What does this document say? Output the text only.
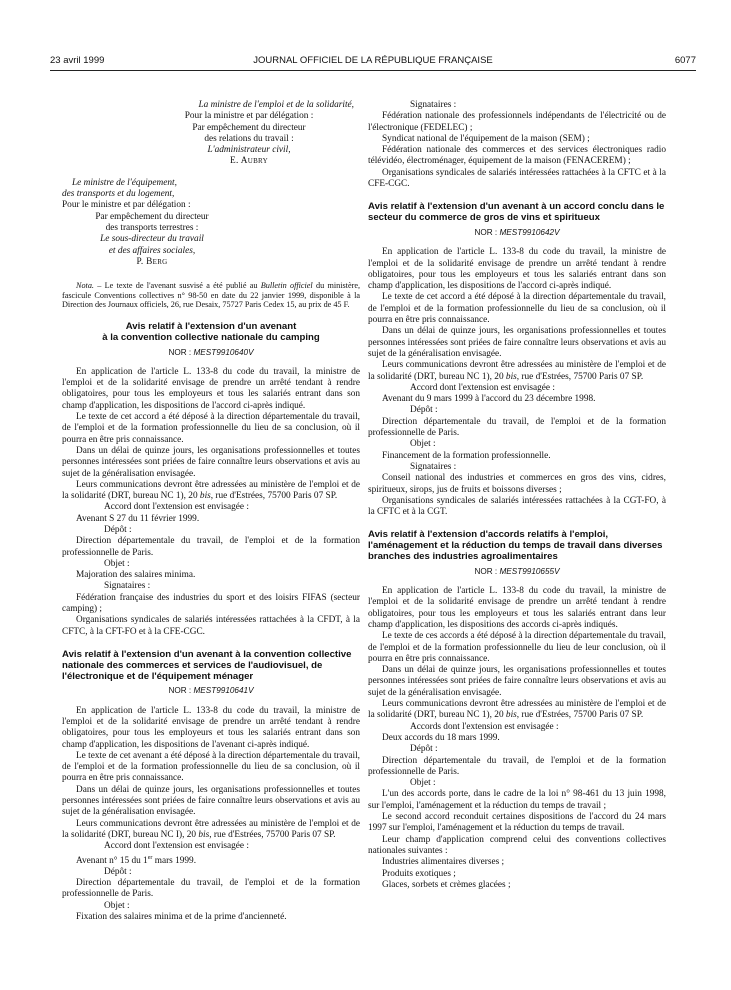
23 avril 1999	JOURNAL OFFICIEL DE LA RÉPUBLIQUE FRANÇAISE	6077

La ministre de l'emploi et de la solidarité,

Pour la ministre et par délégation :

Par empêchement du directeur

des relations du travail :

L'administrateur civil,

E. Aubry

Le ministre de l'équipement,

des transports et du logement,

Pour le ministre et par délégation :

Par empêchement du directeur

des transports terrestres :

Le sous-directeur du travail

et des affaires sociales,

P. Berg

Nota. – Le texte de l'avenant susvisé a été publié au Bulletin officiel du ministère, fascicule Conventions collectives n° 98-50 en date du 22 janvier 1999, disponible à la Direction des Journaux officiels, 26, rue Desaix, 75727 Paris Cedex 15, au prix de 45 F.

Avis relatif à l'extension d'un avenant
à la convention collective nationale du camping

NOR : MESТ9910640V

En application de l'article L. 133-8 du code du travail, la ministre de l'emploi et de la solidarité envisage de prendre un arrêté tendant à rendre obligatoires, pour tous les employeurs et tous les salariés entrant dans son champ d'application, les dispositions de l'accord ci-après indiqué.

Le texte de cet accord a été déposé à la direction départementale du travail, de l'emploi et de la formation professionnelle du lieu de sa conclusion, où il pourra en être pris connaissance.

Dans un délai de quinze jours, les organisations professionnelles et toutes personnes intéressées sont priées de faire connaître leurs observations et avis au sujet de la généralisation envisagée.

Leurs communications devront être adressées au ministère de l'emploi et de la solidarité (DRT, bureau NC 1), 20 bis, rue d'Estrées, 75700 Paris 07 SP.

Accord dont l'extension est envisagée :

Avenant S 27 du 11 février 1999.

Dépôt :

Direction départementale du travail, de l'emploi et de la formation professionnelle de Paris.

Objet :

Majoration des salaires minima.

Signataires :

Fédération française des industries du sport et des loisirs FIFAS (secteur camping) ;

Organisations syndicales de salariés intéressées rattachées à la CFDT, à la CFTC, à la CFT-FO et à la CFE-CGC.

Avis relatif à l'extension d'un avenant à la convention collective nationale des commerces et services de l'audiovisuel, de l'électronique et de l'équipement ménager

NOR : MEST9910641V

En application de l'article L. 133-8 du code du travail, la ministre de l'emploi et de la solidarité envisage de prendre un arrêté tendant à rendre obligatoires, pour tous les employeurs et tous les salariés entrant dans son champ d'application, les dispositions de l'avenant ci-après indiqué.

Le texte de cet avenant a été déposé à la direction départementale du travail, de l'emploi et de la formation professionnelle du lieu de sa conclusion, où il pourra en être pris connaissance.

Dans un délai de quinze jours, les organisations professionnelles et toutes personnes intéressées sont priées de faire connaître leurs observations et avis au sujet de la généralisation envisagée.

Leurs communications devront être adressées au ministère de l'emploi et de la solidarité (DRT, bureau NC I), 20 bis, rue d'Estrées, 75700 Paris 07 SP.

Accord dont l'extension est envisagée :

Avenant n° 15 du 1er mars 1999.

Dépôt :

Direction départementale du travail, de l'emploi et de la formation professionnelle de Paris.

Objet :

Fixation des salaires minima et de la prime d'ancienneté.

Signataires :

Fédération nationale des professionnels indépendants de l'électricité ou de l'électronique (FEDELEC) ;

Syndicat national de l'équipement de la maison (SEM) ;

Fédération nationale des commerces et des services électroniques radio télévidéo, électroménager, équipement de la maison (FENACEREM) ;

Organisations syndicales de salariés intéressées rattachées à la CFTC et à la CFE-CGC.

Avis relatif à l'extension d'un avenant à un accord conclu dans le secteur du commerce de gros de vins et spiritueux

NOR : MEST9910642V

En application de l'article L. 133-8 du code du travail, la ministre de l'emploi et de la solidarité envisage de prendre un arrêté tendant à rendre obligatoires, pour tous les employeurs et tous les salariés entrant dans son champ d'application, les dispositions de l'accord ci-après indiqué.

Le texte de cet accord a été déposé à la direction départementale du travail, de l'emploi et de la formation professionnelle du lieu de sa conclusion, où il pourra en être pris connaissance.

Dans un délai de quinze jours, les organisations professionnelles et toutes personnes intéressées sont priées de faire connaître leurs observations et avis au sujet de la généralisation envisagée.

Leurs communications devront être adressées au ministère de l'emploi et de la solidarité (DRT, bureau NC 1), 20 bis, rue d'Estrées, 75700 Paris 07 SP.

Accord dont l'extension est envisagée :

Avenant du 9 mars 1999 à l'accord du 23 décembre 1998.

Dépôt :

Direction départementale du travail, de l'emploi et de la formation professionnelle de Paris.

Objet :

Financement de la formation professionnelle.

Signataires :

Conseil national des industries et commerces en gros des vins, cidres, spiritueux, sirops, jus de fruits et boissons diverses ;

Organisations syndicales de salariés intéressées rattachées à la CGT-FO, à la CFTC et à la CGT.

Avis relatif à l'extension d'accords relatifs à l'emploi, l'aménagement et la réduction du temps de travail dans diverses branches des industries agroalimentaires

NOR : MEST9910655V

En application de l'article L. 133-8 du code du travail, la ministre de l'emploi et de la solidarité envisage de prendre un arrêté tendant à rendre obligatoires, pour tous les employeurs et tous les salariés entrant dans leur champ d'application, les dispositions des accords ci-après indiqués.

Le texte de ces accords a été déposé à la direction départementale du travail, de l'emploi et de la formation professionnelle du lieu de leur conclusion, où il pourra en être pris connaissance.

Dans un délai de quinze jours, les organisations professionnelles et toutes personnes intéressées sont priées de faire connaître leurs observations et avis au sujet de la généralisation envisagée.

Leurs communications devront être adressées au ministère de l'emploi et de la solidarité (DRT, bureau NC 1), 20 bis, rue d'Estrées, 75700 Paris 07 SP.

Accords dont l'extension est envisagée :

Deux accords du 18 mars 1999.

Dépôt :

Direction départementale du travail, de l'emploi et de la formation professionnelle de Paris.

Objet :

L'un des accords porte, dans le cadre de la loi n° 98-461 du 13 juin 1998, sur l'emploi, l'aménagement et la réduction du temps de travail ;

Le second accord reconduit certaines dispositions de l'accord du 24 mars 1997 sur l'emploi, l'aménagement et la réduction du temps de travail.

Leur champ d'application comprend celui des conventions collectives nationales suivantes :

Industries alimentaires diverses ;

Produits exotiques ;

Glaces, sorbets et crèmes glacées ;
